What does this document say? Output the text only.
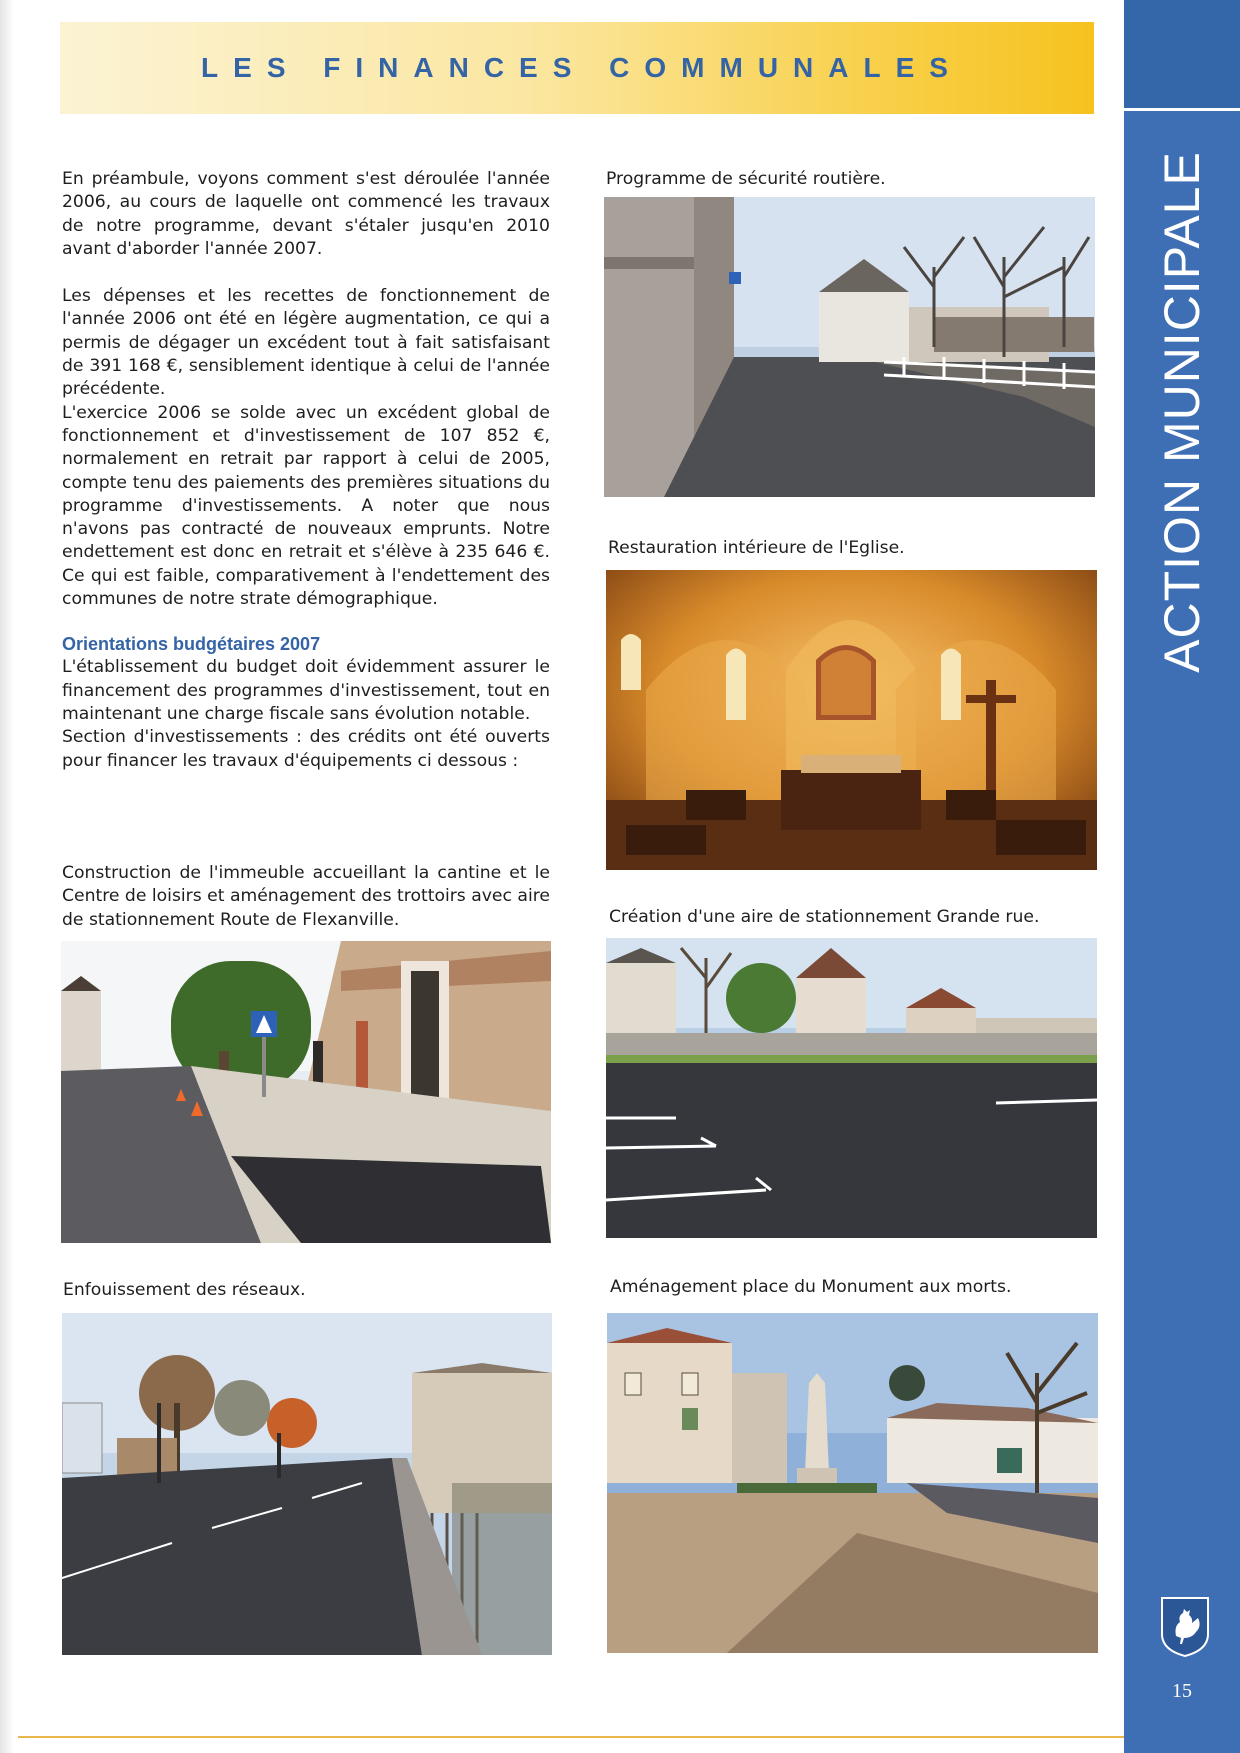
LES FINANCES COMMUNALES
ACTION MUNICIPALE
15

En préambule, voyons comment s'est déroulée l'année 2006, au cours de laquelle ont commencé les travaux de notre programme, devant s'étaler jusqu'en 2010 avant d'aborder l'année 2007.

Les dépenses et les recettes de fonctionnement de l'année 2006 ont été en légère augmentation, ce qui a permis de dégager un excédent tout à fait satisfaisant de 391 168 €, sensiblement identique à celui de l'année précédente.

L'exercice 2006 se solde avec un excédent global de fonctionnement et d'investissement de 107 852 €, normalement en retrait par rapport à celui de 2005, compte tenu des paiements des premières situations du programme d'investissements. A noter que nous n'avons pas contracté de nouveaux emprunts. Notre endettement est donc en retrait et s'élève à 235 646 €. Ce qui est faible, comparativement à l'endettement des communes de notre strate démographique.

Orientations budgétaires 2007

L'établissement du budget doit évidemment assurer le financement des programmes d'investissement, tout en maintenant une charge fiscale sans évolution notable.

Section d'investissements : des crédits ont été ouverts pour financer les travaux d'équipements ci dessous :

Construction de l'immeuble accueillant la cantine et le Centre de loisirs et aménagement des trottoirs avec aire de stationnement Route de Flexanville.
Programme de sécurité routière.
Restauration intérieure de l'Eglise.
Création d'une aire de stationnement Grande rue.
Enfouissement des réseaux.	Aménagement place du Monument aux morts.
